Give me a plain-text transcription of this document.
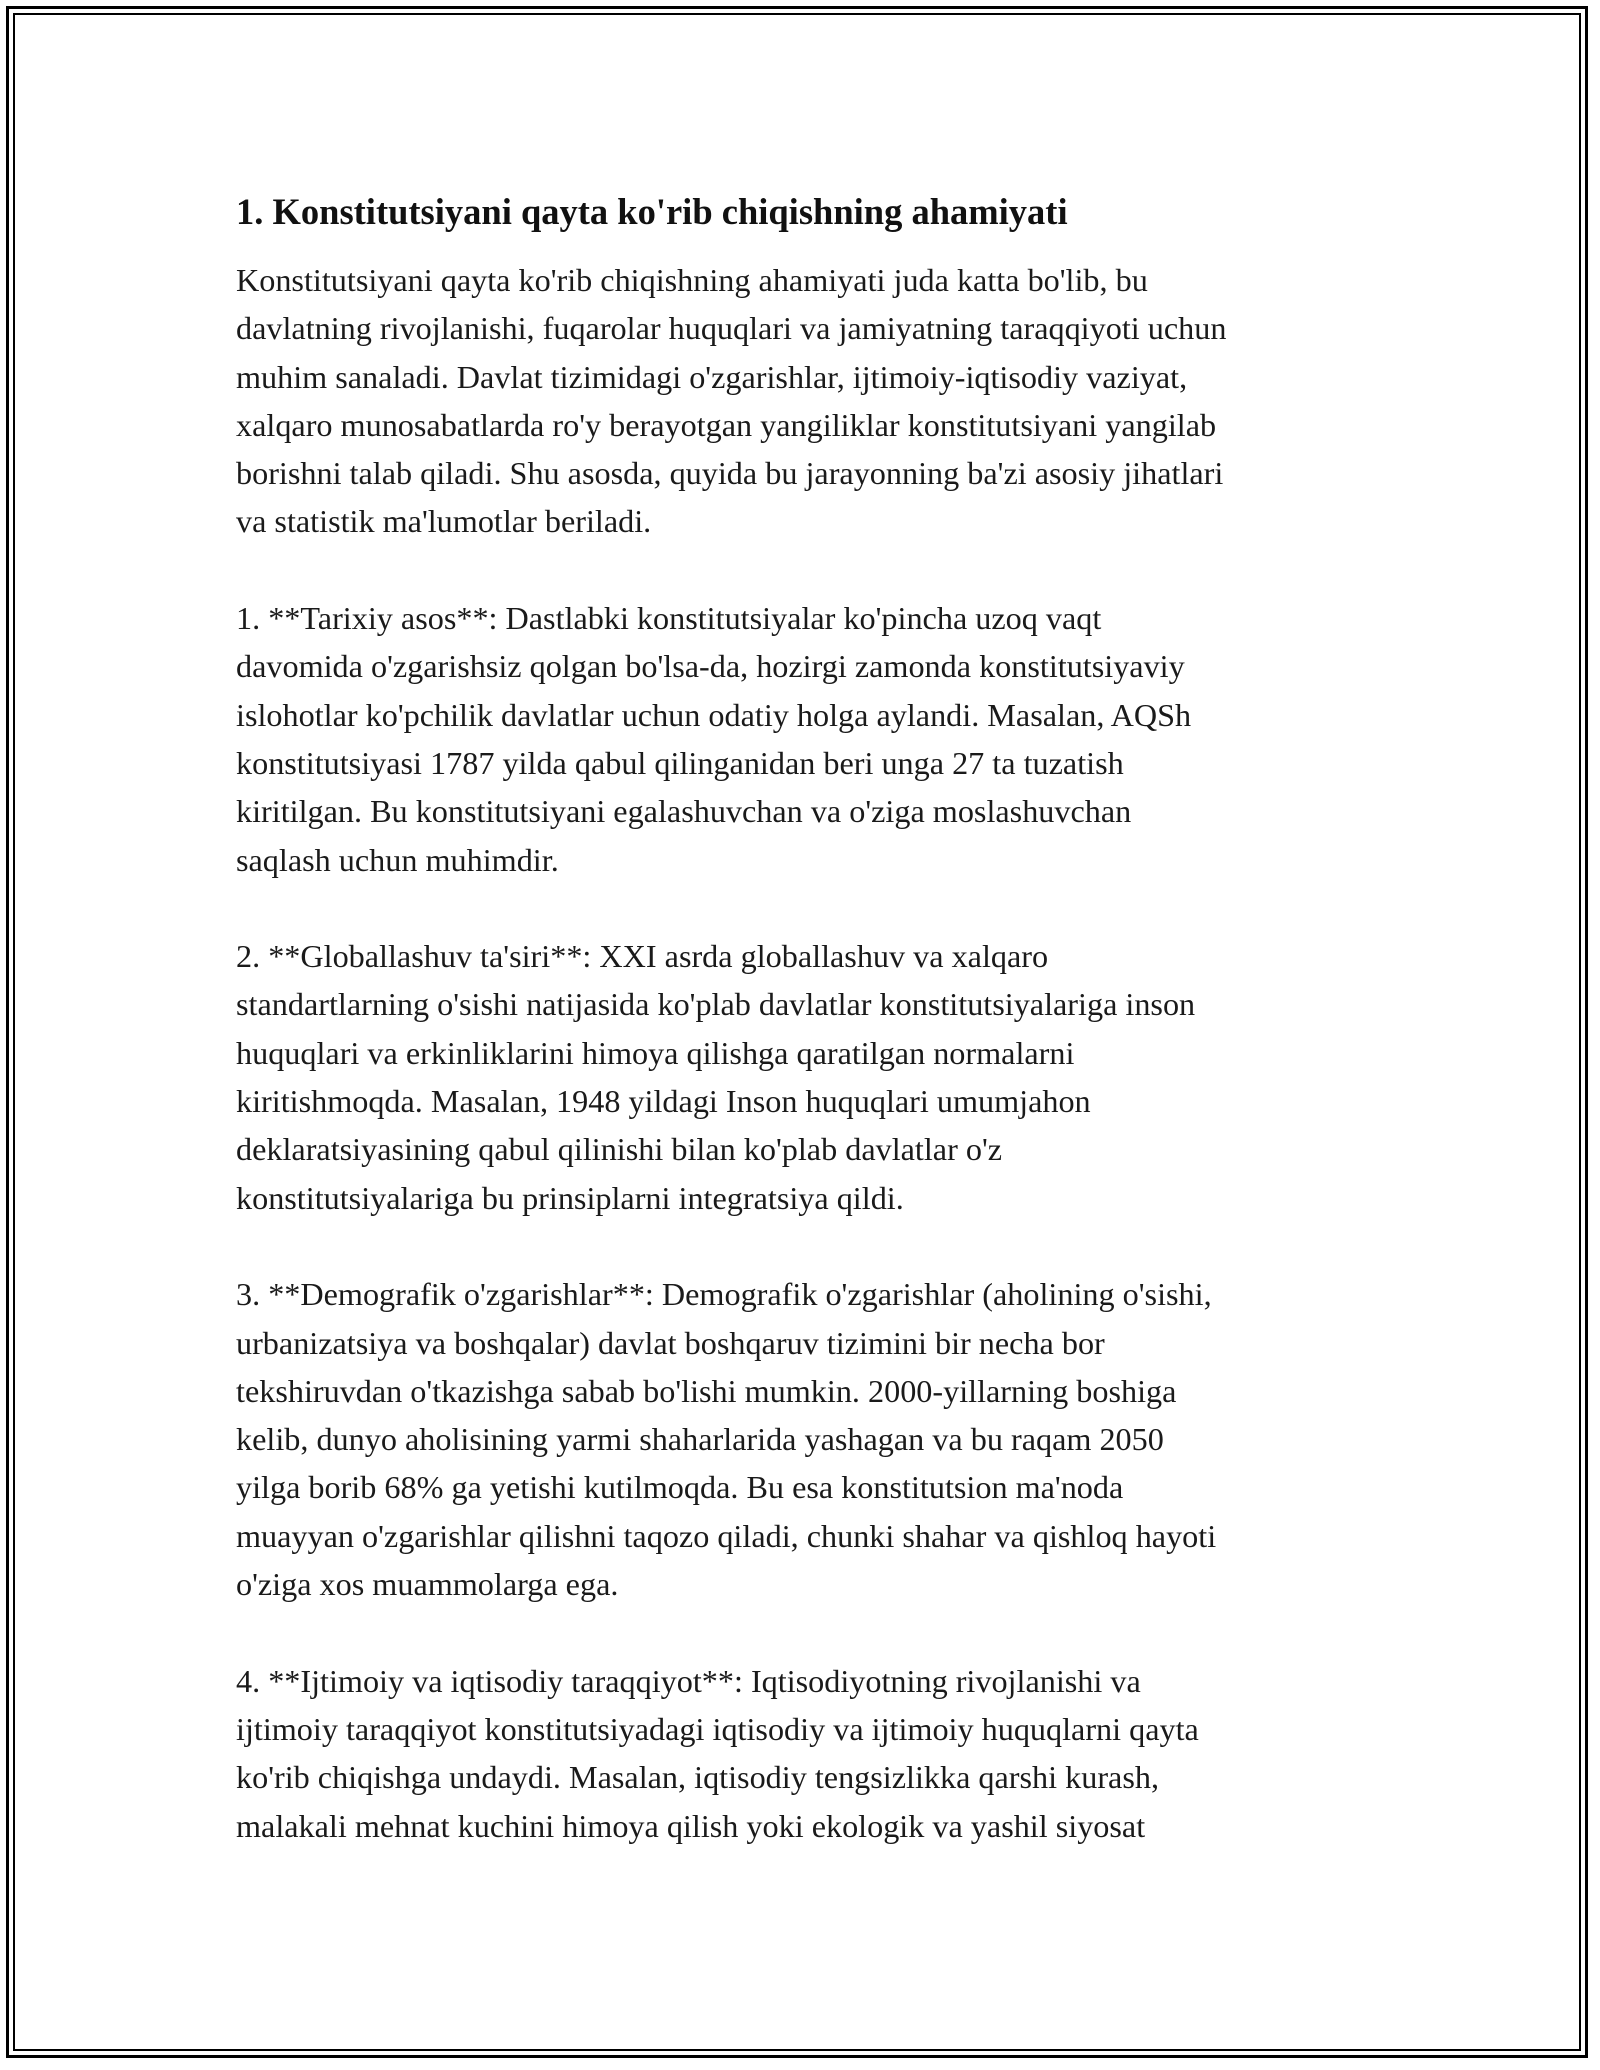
1. Konstitutsiyani qayta ko'rib chiqishning ahamiyati

Konstitutsiyani qayta ko'rib chiqishning ahamiyati juda katta bo'lib, bu
davlatning rivojlanishi, fuqarolar huquqlari va jamiyatning taraqqiyoti uchun
muhim sanaladi. Davlat tizimidagi o'zgarishlar, ijtimoiy-iqtisodiy vaziyat,
xalqaro munosabatlarda ro'y berayotgan yangiliklar konstitutsiyani yangilab
borishni talab qiladi. Shu asosda, quyida bu jarayonning ba'zi asosiy jihatlari
va statistik ma'lumotlar beriladi.

1. **Tarixiy asos**: Dastlabki konstitutsiyalar ko'pincha uzoq vaqt
davomida o'zgarishsiz qolgan bo'lsa-da, hozirgi zamonda konstitutsiyaviy
islohotlar ko'pchilik davlatlar uchun odatiy holga aylandi. Masalan, AQSh
konstitutsiyasi 1787 yilda qabul qilinganidan beri unga 27 ta tuzatish
kiritilgan. Bu konstitutsiyani egalashuvchan va o'ziga moslashuvchan
saqlash uchun muhimdir.

2. **Globallashuv ta'siri**: XXI asrda globallashuv va xalqaro
standartlarning o'sishi natijasida ko'plab davlatlar konstitutsiyalariga inson
huquqlari va erkinliklarini himoya qilishga qaratilgan normalarni
kiritishmoqda. Masalan, 1948 yildagi Inson huquqlari umumjahon
deklaratsiyasining qabul qilinishi bilan ko'plab davlatlar o'z
konstitutsiyalariga bu prinsiplarni integratsiya qildi.

3. **Demografik o'zgarishlar**: Demografik o'zgarishlar (aholining o'sishi,
urbanizatsiya va boshqalar) davlat boshqaruv tizimini bir necha bor
tekshiruvdan o'tkazishga sabab bo'lishi mumkin. 2000-yillarning boshiga
kelib, dunyo aholisining yarmi shaharlarida yashagan va bu raqam 2050
yilga borib 68% ga yetishi kutilmoqda. Bu esa konstitutsion ma'noda
muayyan o'zgarishlar qilishni taqozo qiladi, chunki shahar va qishloq hayoti
o'ziga xos muammolarga ega.

4. **Ijtimoiy va iqtisodiy taraqqiyot**: Iqtisodiyotning rivojlanishi va
ijtimoiy taraqqiyot konstitutsiyadagi iqtisodiy va ijtimoiy huquqlarni qayta
ko'rib chiqishga undaydi. Masalan, iqtisodiy tengsizlikka qarshi kurash,
malakali mehnat kuchini himoya qilish yoki ekologik va yashil siyosat
